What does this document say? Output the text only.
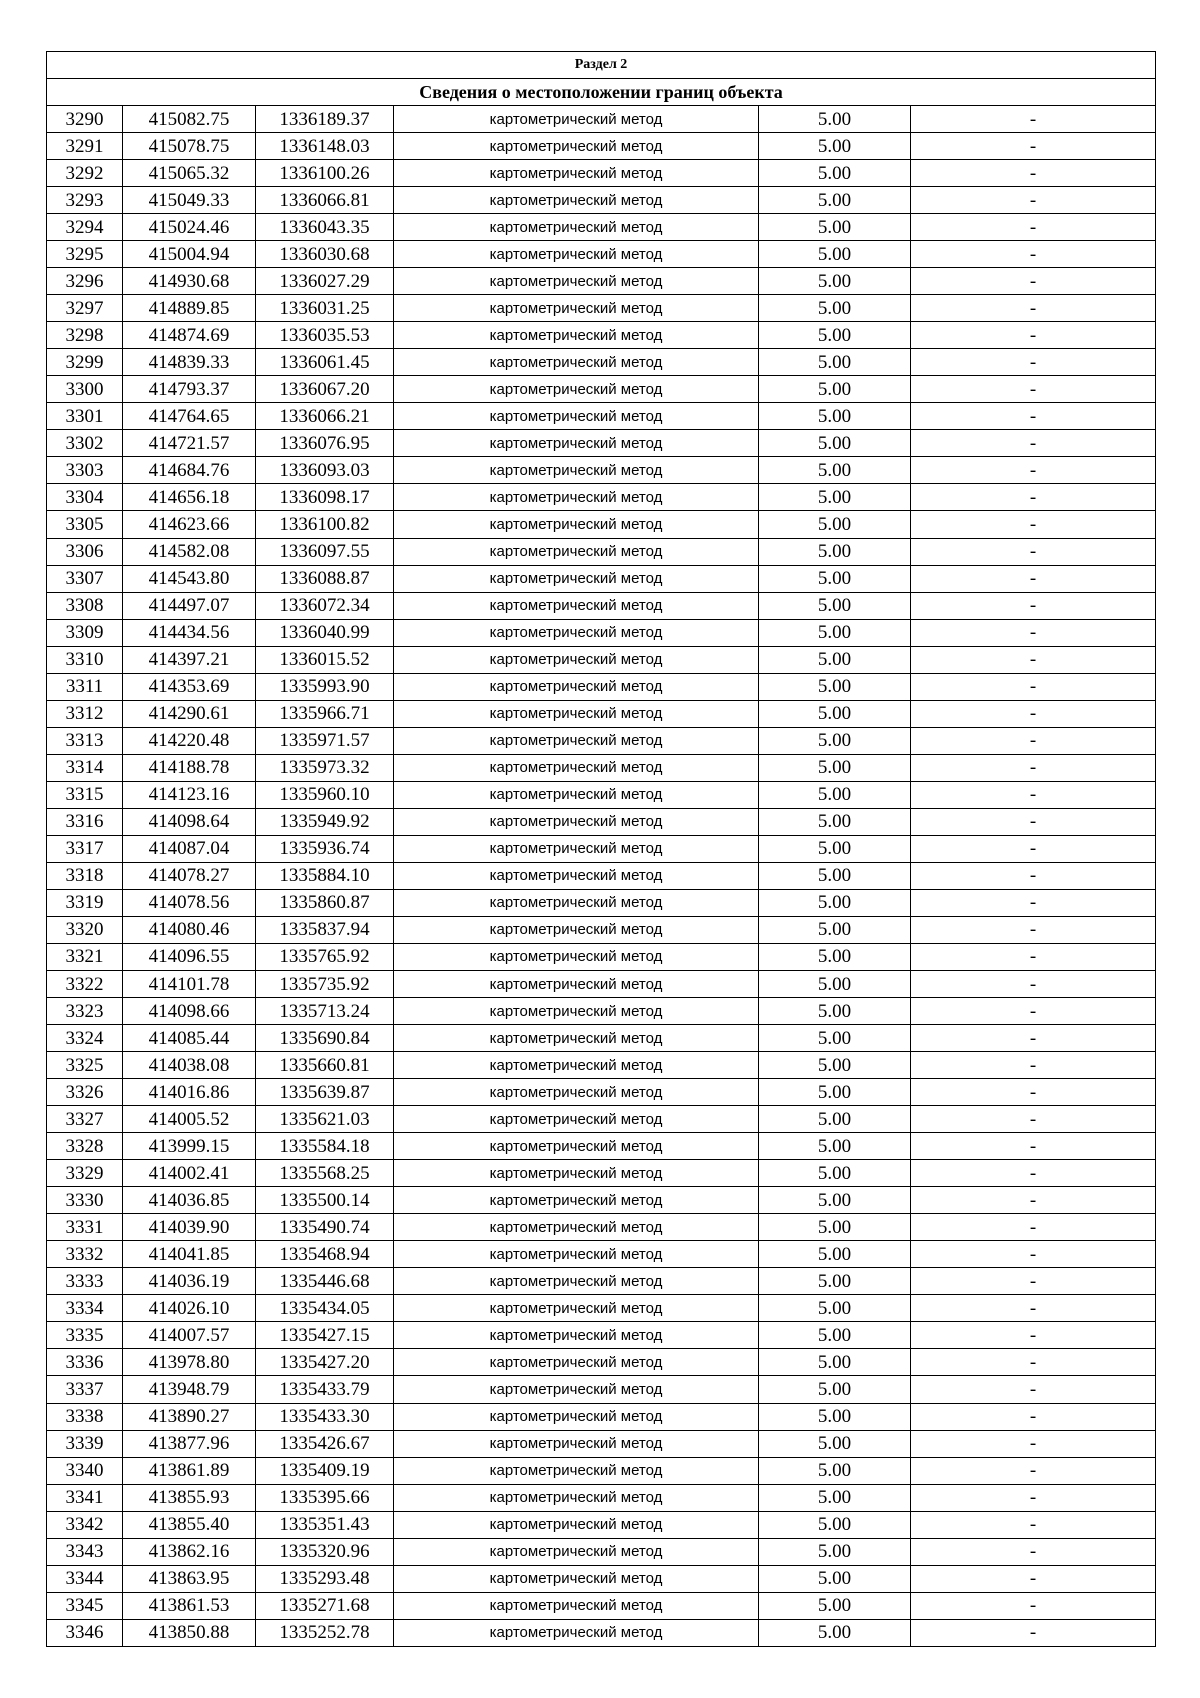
Раздел 2					
Сведения о местоположении границ объекта					
3290	415082.75	1336189.37	картометрический метод	5.00	-
3291	415078.75	1336148.03	картометрический метод	5.00	-
3292	415065.32	1336100.26	картометрический метод	5.00	-
3293	415049.33	1336066.81	картометрический метод	5.00	-
3294	415024.46	1336043.35	картометрический метод	5.00	-
3295	415004.94	1336030.68	картометрический метод	5.00	-
3296	414930.68	1336027.29	картометрический метод	5.00	-
3297	414889.85	1336031.25	картометрический метод	5.00	-
3298	414874.69	1336035.53	картометрический метод	5.00	-
3299	414839.33	1336061.45	картометрический метод	5.00	-
3300	414793.37	1336067.20	картометрический метод	5.00	-
3301	414764.65	1336066.21	картометрический метод	5.00	-
3302	414721.57	1336076.95	картометрический метод	5.00	-
3303	414684.76	1336093.03	картометрический метод	5.00	-
3304	414656.18	1336098.17	картометрический метод	5.00	-
3305	414623.66	1336100.82	картометрический метод	5.00	-
3306	414582.08	1336097.55	картометрический метод	5.00	-
3307	414543.80	1336088.87	картометрический метод	5.00	-
3308	414497.07	1336072.34	картометрический метод	5.00	-
3309	414434.56	1336040.99	картометрический метод	5.00	-
3310	414397.21	1336015.52	картометрический метод	5.00	-
3311	414353.69	1335993.90	картометрический метод	5.00	-
3312	414290.61	1335966.71	картометрический метод	5.00	-
3313	414220.48	1335971.57	картометрический метод	5.00	-
3314	414188.78	1335973.32	картометрический метод	5.00	-
3315	414123.16	1335960.10	картометрический метод	5.00	-
3316	414098.64	1335949.92	картометрический метод	5.00	-
3317	414087.04	1335936.74	картометрический метод	5.00	-
3318	414078.27	1335884.10	картометрический метод	5.00	-
3319	414078.56	1335860.87	картометрический метод	5.00	-
3320	414080.46	1335837.94	картометрический метод	5.00	-
3321	414096.55	1335765.92	картометрический метод	5.00	-
3322	414101.78	1335735.92	картометрический метод	5.00	-
3323	414098.66	1335713.24	картометрический метод	5.00	-
3324	414085.44	1335690.84	картометрический метод	5.00	-
3325	414038.08	1335660.81	картометрический метод	5.00	-
3326	414016.86	1335639.87	картометрический метод	5.00	-
3327	414005.52	1335621.03	картометрический метод	5.00	-
3328	413999.15	1335584.18	картометрический метод	5.00	-
3329	414002.41	1335568.25	картометрический метод	5.00	-
3330	414036.85	1335500.14	картометрический метод	5.00	-
3331	414039.90	1335490.74	картометрический метод	5.00	-
3332	414041.85	1335468.94	картометрический метод	5.00	-
3333	414036.19	1335446.68	картометрический метод	5.00	-
3334	414026.10	1335434.05	картометрический метод	5.00	-
3335	414007.57	1335427.15	картометрический метод	5.00	-
3336	413978.80	1335427.20	картометрический метод	5.00	-
3337	413948.79	1335433.79	картометрический метод	5.00	-
3338	413890.27	1335433.30	картометрический метод	5.00	-
3339	413877.96	1335426.67	картометрический метод	5.00	-
3340	413861.89	1335409.19	картометрический метод	5.00	-
3341	413855.93	1335395.66	картометрический метод	5.00	-
3342	413855.40	1335351.43	картометрический метод	5.00	-
3343	413862.16	1335320.96	картометрический метод	5.00	-
3344	413863.95	1335293.48	картометрический метод	5.00	-
3345	413861.53	1335271.68	картометрический метод	5.00	-
3346	413850.88	1335252.78	картометрический метод	5.00	-
